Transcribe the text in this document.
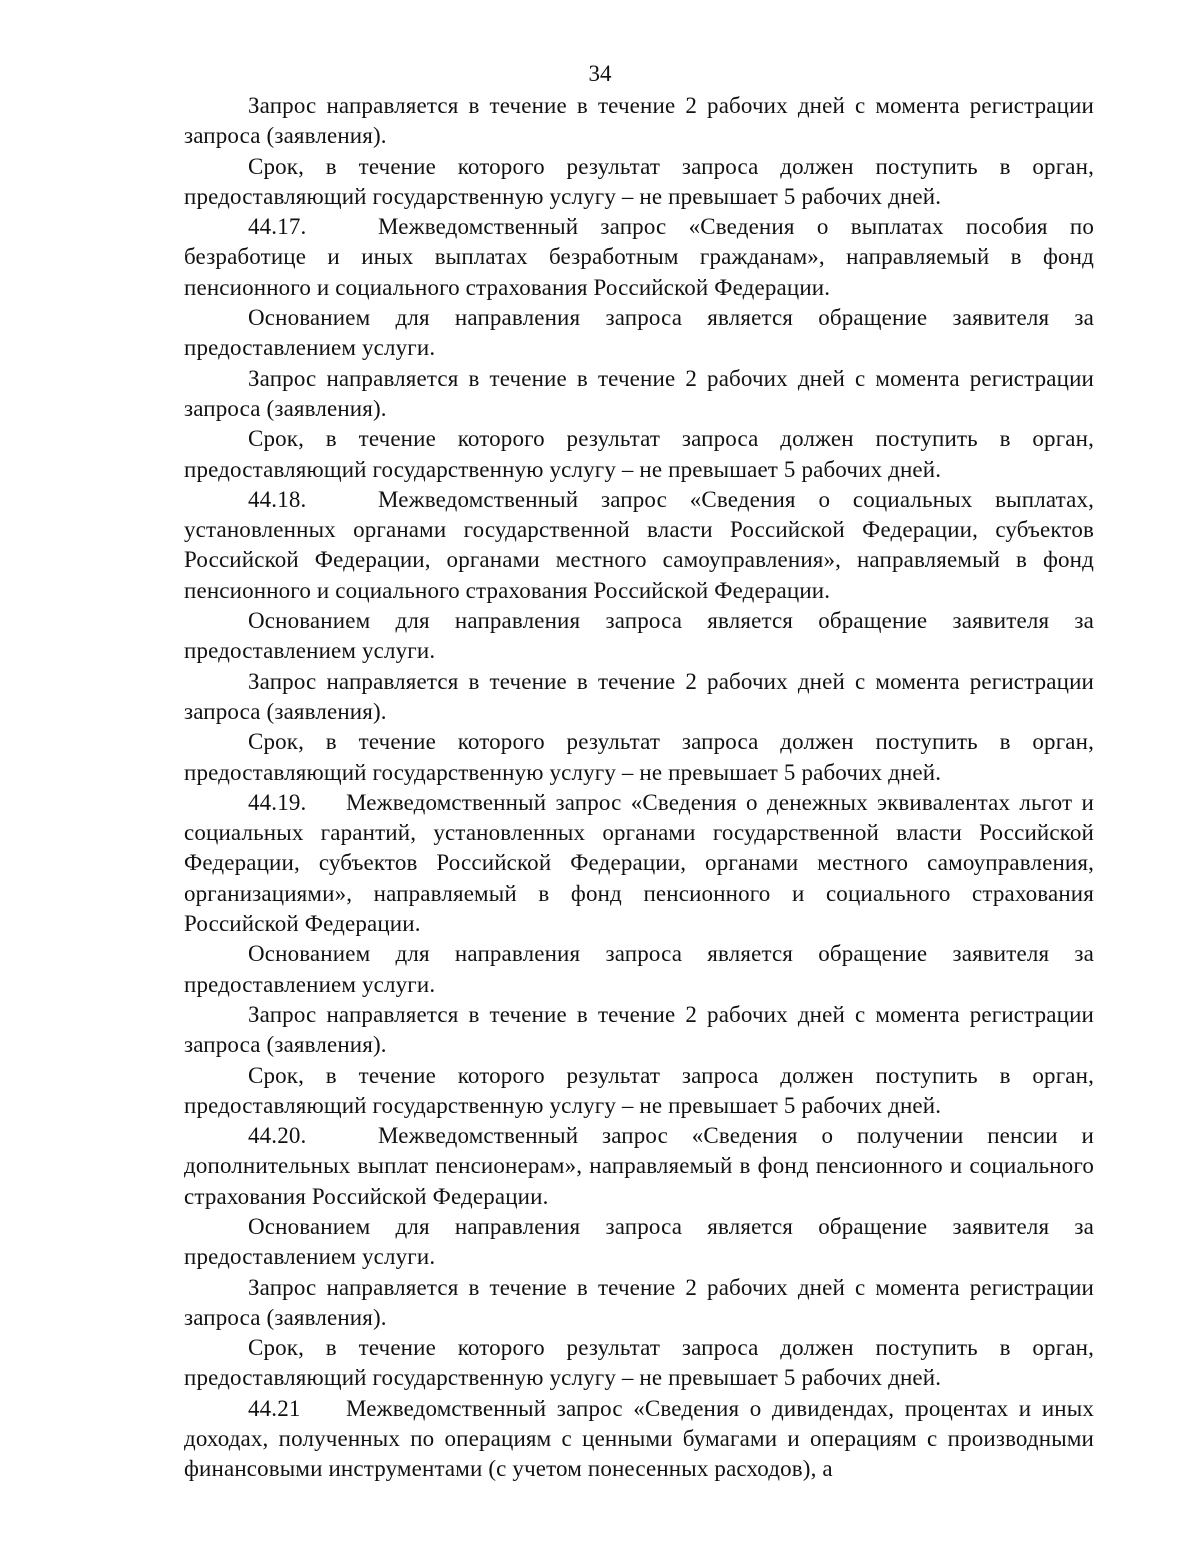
34

Запрос направляется в течение в течение 2 рабочих дней с момента регистрации запроса (заявления).

Срок, в течение которого результат запроса должен поступить в орган, предоставляющий государственную услугу – не превышает 5 рабочих дней.

44.17.	Межведомственный запрос «Сведения о выплатах пособия по безработице и иных выплатах безработным гражданам», направляемый в фонд пенсионного и социального страхования Российской Федерации.

Основанием для направления запроса является обращение заявителя за предоставлением услуги.

Запрос направляется в течение в течение 2 рабочих дней с момента регистрации запроса (заявления).

Срок, в течение которого результат запроса должен поступить в орган, предоставляющий государственную услугу – не превышает 5 рабочих дней.

44.18.	Межведомственный запрос «Сведения о социальных выплатах, установленных органами государственной власти Российской Федерации, субъектов Российской Федерации, органами местного самоуправления», направляемый в фонд пенсионного и социального страхования Российской Федерации.

Основанием для направления запроса является обращение заявителя за предоставлением услуги.

Запрос направляется в течение в течение 2 рабочих дней с момента регистрации запроса (заявления).

Срок, в течение которого результат запроса должен поступить в орган, предоставляющий государственную услугу – не превышает 5 рабочих дней.

44.19. Межведомственный запрос «Сведения о денежных эквивалентах льгот и социальных гарантий, установленных органами государственной власти Российской Федерации, субъектов Российской Федерации, органами местного самоуправления, организациями», направляемый в фонд пенсионного и социального страхования Российской Федерации.

Основанием для направления запроса является обращение заявителя за предоставлением услуги.

Запрос направляется в течение в течение 2 рабочих дней с момента регистрации запроса (заявления).

Срок, в течение которого результат запроса должен поступить в орган, предоставляющий государственную услугу – не превышает 5 рабочих дней.

44.20.	Межведомственный запрос «Сведения о получении пенсии и дополнительных выплат пенсионерам», направляемый в фонд пенсионного и социального страхования Российской Федерации.

Основанием для направления запроса является обращение заявителя за предоставлением услуги.

Запрос направляется в течение в течение 2 рабочих дней с момента регистрации запроса (заявления).

Срок, в течение которого результат запроса должен поступить в орган, предоставляющий государственную услугу – не превышает 5 рабочих дней.

44.21 Межведомственный запрос «Сведения о дивидендах, процентах и иных доходах, полученных по операциям с ценными бумагами и операциям с производными финансовыми инструментами (с учетом понесенных расходов), а
